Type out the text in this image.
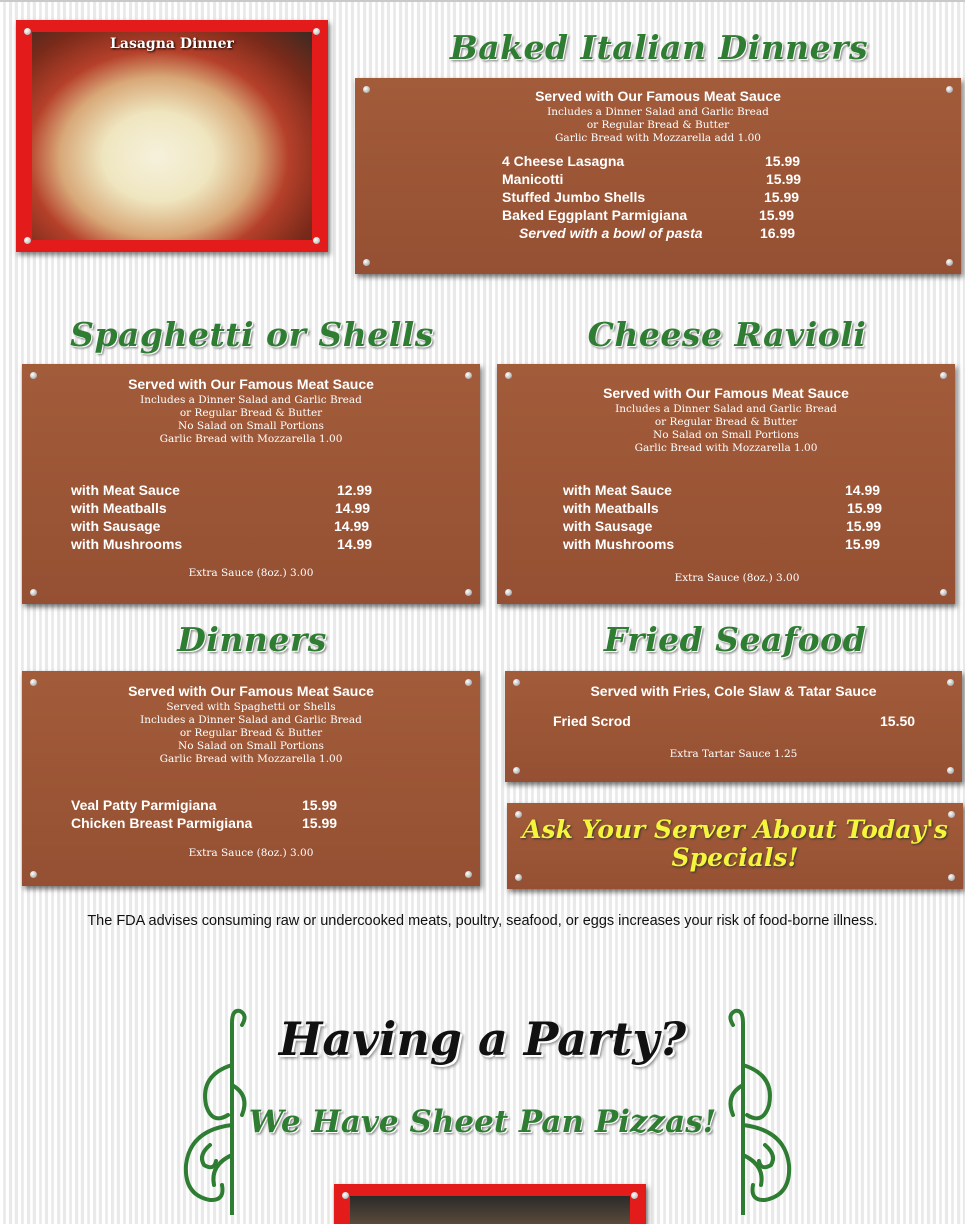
Lasagna Dinner	Baked Italian Dinners
Served with Our Famous Meat Sauce
Includes a Dinner Salad and Garlic Bread
or Regular Bread & Butter
Garlic Bread with Mozzarella add 1.00
4 Cheese Lasagna	15.99
Manicotti	15.99
Stuffed Jumbo Shells	15.99
Baked Eggplant Parmigiana	15.99
Served with a bowl of pasta	16.99
Spaghetti or Shells
Served with Our Famous Meat Sauce
Includes a Dinner Salad and Garlic Bread
or Regular Bread & Butter
No Salad on Small Portions
Garlic Bread with Mozzarella 1.00
with Meat Sauce	12.99
with Meatballs	14.99
with Sausage	14.99
with Mushrooms	14.99
Extra Sauce (8oz.) 3.00
Cheese Ravioli
Served with Our Famous Meat Sauce
Includes a Dinner Salad and Garlic Bread
or Regular Bread & Butter
No Salad on Small Portions
Garlic Bread with Mozzarella 1.00
with Meat Sauce	14.99
with Meatballs	15.99
with Sausage	15.99
with Mushrooms	15.99
Extra Sauce (8oz.) 3.00
Dinners
Served with Our Famous Meat Sauce
Served with Spaghetti or Shells
Includes a Dinner Salad and Garlic Bread
or Regular Bread & Butter
No Salad on Small Portions
Garlic Bread with Mozzarella 1.00
Veal Patty Parmigiana	15.99
Chicken Breast Parmigiana	15.99
Extra Sauce (8oz.) 3.00
Fried Seafood
Served with Fries, Cole Slaw & Tatar Sauce
Fried Scrod	15.50
Extra Tartar Sauce 1.25
Ask Your Server About Today's
Specials!
The FDA advises consuming raw or undercooked meats, poultry, seafood, or eggs increases your risk of food-borne illness.
Having a Party?
We Have Sheet Pan Pizzas!
